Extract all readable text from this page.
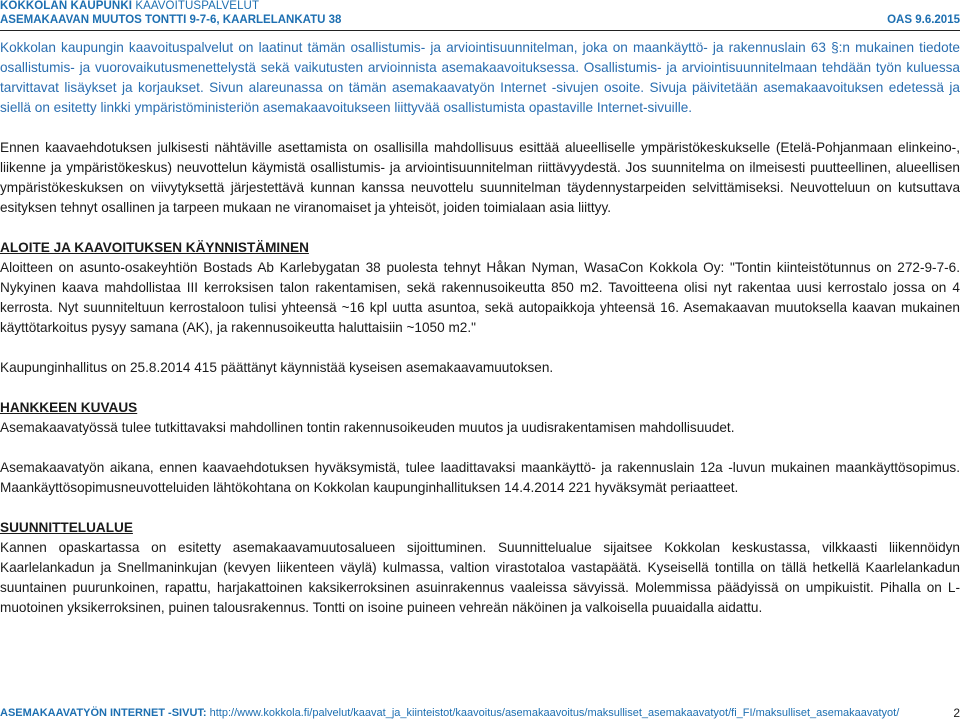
KOKKOLAN KAUPUNKI KAAVOITUSPALVELUT
ASEMAKAAVAN MUUTOS TONTTI 9-7-6, KAARLELANKATU 38	OAS 9.6.2015

Kokkolan kaupungin kaavoituspalvelut on laatinut tämän osallistumis- ja arviointisuunnitelman, joka on maankäyttö- ja rakennuslain 63 §:n mukainen tiedote osallistumis- ja vuorovaikutusmenettelystä sekä vaikutusten arvioinnista asemakaavoituksessa. Osallistumis- ja arviointisuunnitelmaan tehdään työn kuluessa tarvittavat lisäykset ja korjaukset. Sivun alareunassa on tämän asemakaavatyön Internet -sivujen osoite. Sivuja päivitetään asemakaavoituksen edetessä ja siellä on esitetty linkki ympäristöministeriön asemakaavoitukseen liittyvää osallistumista opastaville Internet-sivuille.

Ennen kaavaehdotuksen julkisesti nähtäville asettamista on osallisilla mahdollisuus esittää alueelliselle ympäristökeskukselle (Etelä-Pohjanmaan elinkeino-, liikenne ja ympäristökeskus) neuvottelun käymistä osallistumis- ja arviointisuunnitelman riittävyydestä. Jos suunnitelma on ilmeisesti puutteellinen, alueellisen ympäristökeskuksen on viivytyksettä järjestettävä kunnan kanssa neuvottelu suunnitelman täydennystarpeiden selvittämiseksi. Neuvotteluun on kutsuttava esityksen tehnyt osallinen ja tarpeen mukaan ne viranomaiset ja yhteisöt, joiden toimialaan asia liittyy.

ALOITE JA KAAVOITUKSEN KÄYNNISTÄMINEN

Aloitteen on asunto-osakeyhtiön Bostads Ab Karlebygatan 38 puolesta tehnyt Håkan Nyman, WasaCon Kokkola Oy: "Tontin kiinteistötunnus on 272-9-7-6. Nykyinen kaava mahdollistaa III kerroksisen talon rakentamisen, sekä rakennusoikeutta 850 m2. Tavoitteena olisi nyt rakentaa uusi kerrostalo jossa on 4 kerrosta. Nyt suunniteltuun kerrostaloon tulisi yhteensä ~16 kpl uutta asuntoa, sekä autopaikkoja yhteensä 16. Asemakaavan muutoksella kaavan mukainen käyttötarkoitus pysyy samana (AK), ja rakennusoikeutta haluttaisiin ~1050 m2."

Kaupunginhallitus on 25.8.2014 415 päättänyt käynnistää kyseisen asemakaavamuutoksen.

HANKKEEN KUVAUS

Asemakaavatyössä tulee tutkittavaksi mahdollinen tontin rakennusoikeuden muutos ja uudisrakentamisen mahdollisuudet.

Asemakaavatyön aikana, ennen kaavaehdotuksen hyväksymistä, tulee laadittavaksi maankäyttö- ja rakennuslain 12a -luvun mukainen maankäyttösopimus. Maankäyttösopimusneuvotteluiden lähtökohtana on Kokkolan kaupunginhallituksen 14.4.2014 221 hyväksymät periaatteet.

SUUNNITTELUALUE

Kannen opaskartassa on esitetty asemakaavamuutosalueen sijoittuminen. Suunnittelualue sijaitsee Kokkolan keskustassa, vilkkaasti liikennöidyn Kaarlelankadun ja Snellmaninkujan (kevyen liikenteen väylä) kulmassa, valtion virastotaloa vastapäätä. Kyseisellä tontilla on tällä hetkellä Kaarlelankadun suuntainen puurunkoinen, rapattu, harjakattoinen kaksikerroksinen asuinrakennus vaaleissa sävyissä. Molemmissa päädyissä on umpikuistit. Pihalla on L-muotoinen yksikerroksinen, puinen talousrakennus. Tontti on isoine puineen vehreän näköinen ja valkoisella puuaidalla aidattu.

ASEMAKAAVATYÖN INTERNET -SIVUT: http://www.kokkola.fi/palvelut/kaavat_ja_kiinteistot/kaavoitus/asemakaavoitus/maksulliset_asemakaavatyot/fi_FI/maksulliset_asemakaavatyot/	2
